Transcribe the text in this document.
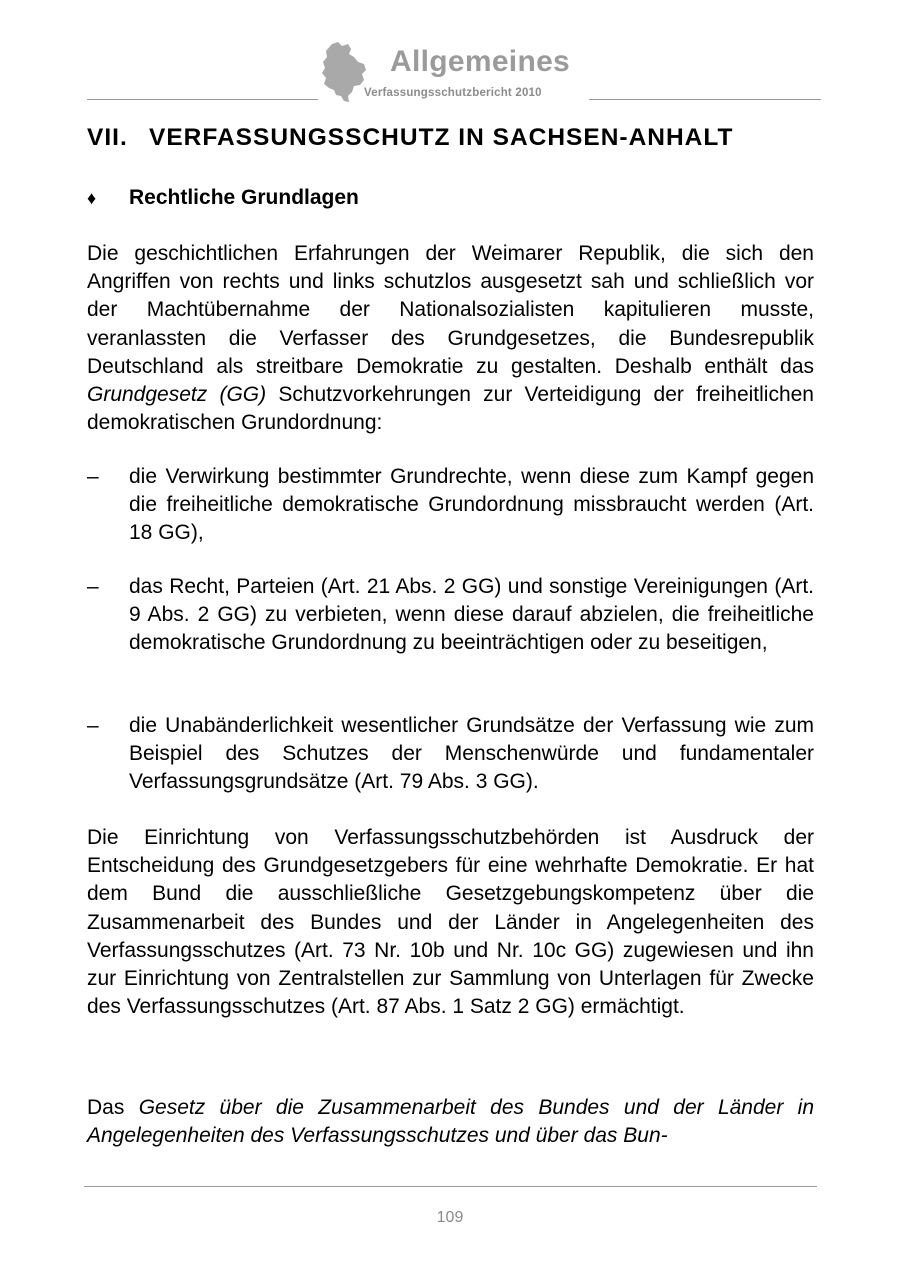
Allgemeines
Verfassungsschutzbericht 2010
VII. VERFASSUNGSSCHUTZ IN SACHSEN-ANHALT
♦ Rechtliche Grundlagen

Die geschichtlichen Erfahrungen der Weimarer Republik, die sich den Angriffen von rechts und links schutzlos ausgesetzt sah und schließlich vor der Machtübernahme der Nationalsozialisten kapitulieren musste, veranlassten die Verfasser des Grundgesetzes, die Bundesrepublik Deutschland als streitbare Demokratie zu gestalten. Deshalb enthält das Grundgesetz (GG) Schutzvorkehrungen zur Verteidigung der freiheitlichen demokratischen Grundordnung:

–	die Verwirkung bestimmter Grundrechte, wenn diese zum Kampf gegen die freiheitliche demokratische Grundordnung missbraucht werden (Art. 18 GG),
–	das Recht, Parteien (Art. 21 Abs. 2 GG) und sonstige Vereinigungen (Art. 9 Abs. 2 GG) zu verbieten, wenn diese darauf abzielen, die freiheitliche demokratische Grundordnung zu beeinträchtigen oder zu beseitigen,
–	die Unabänderlichkeit wesentlicher Grundsätze der Verfassung wie zum Beispiel des Schutzes der Menschenwürde und fundamentaler Verfassungsgrundsätze (Art. 79 Abs. 3 GG).

Die Einrichtung von Verfassungsschutzbehörden ist Ausdruck der Entscheidung des Grundgesetzgebers für eine wehrhafte Demokratie. Er hat dem Bund die ausschließliche Gesetzgebungskompetenz über die Zusammenarbeit des Bundes und der Länder in Angelegenheiten des Verfassungsschutzes (Art. 73 Nr. 10b und Nr. 10c GG) zugewiesen und ihn zur Einrichtung von Zentralstellen zur Sammlung von Unterlagen für Zwecke des Verfassungsschutzes (Art. 87 Abs. 1 Satz 2 GG) ermächtigt.

Das Gesetz über die Zusammenarbeit des Bundes und der Länder in Angelegenheiten des Verfassungsschutzes und über das Bun-

109
